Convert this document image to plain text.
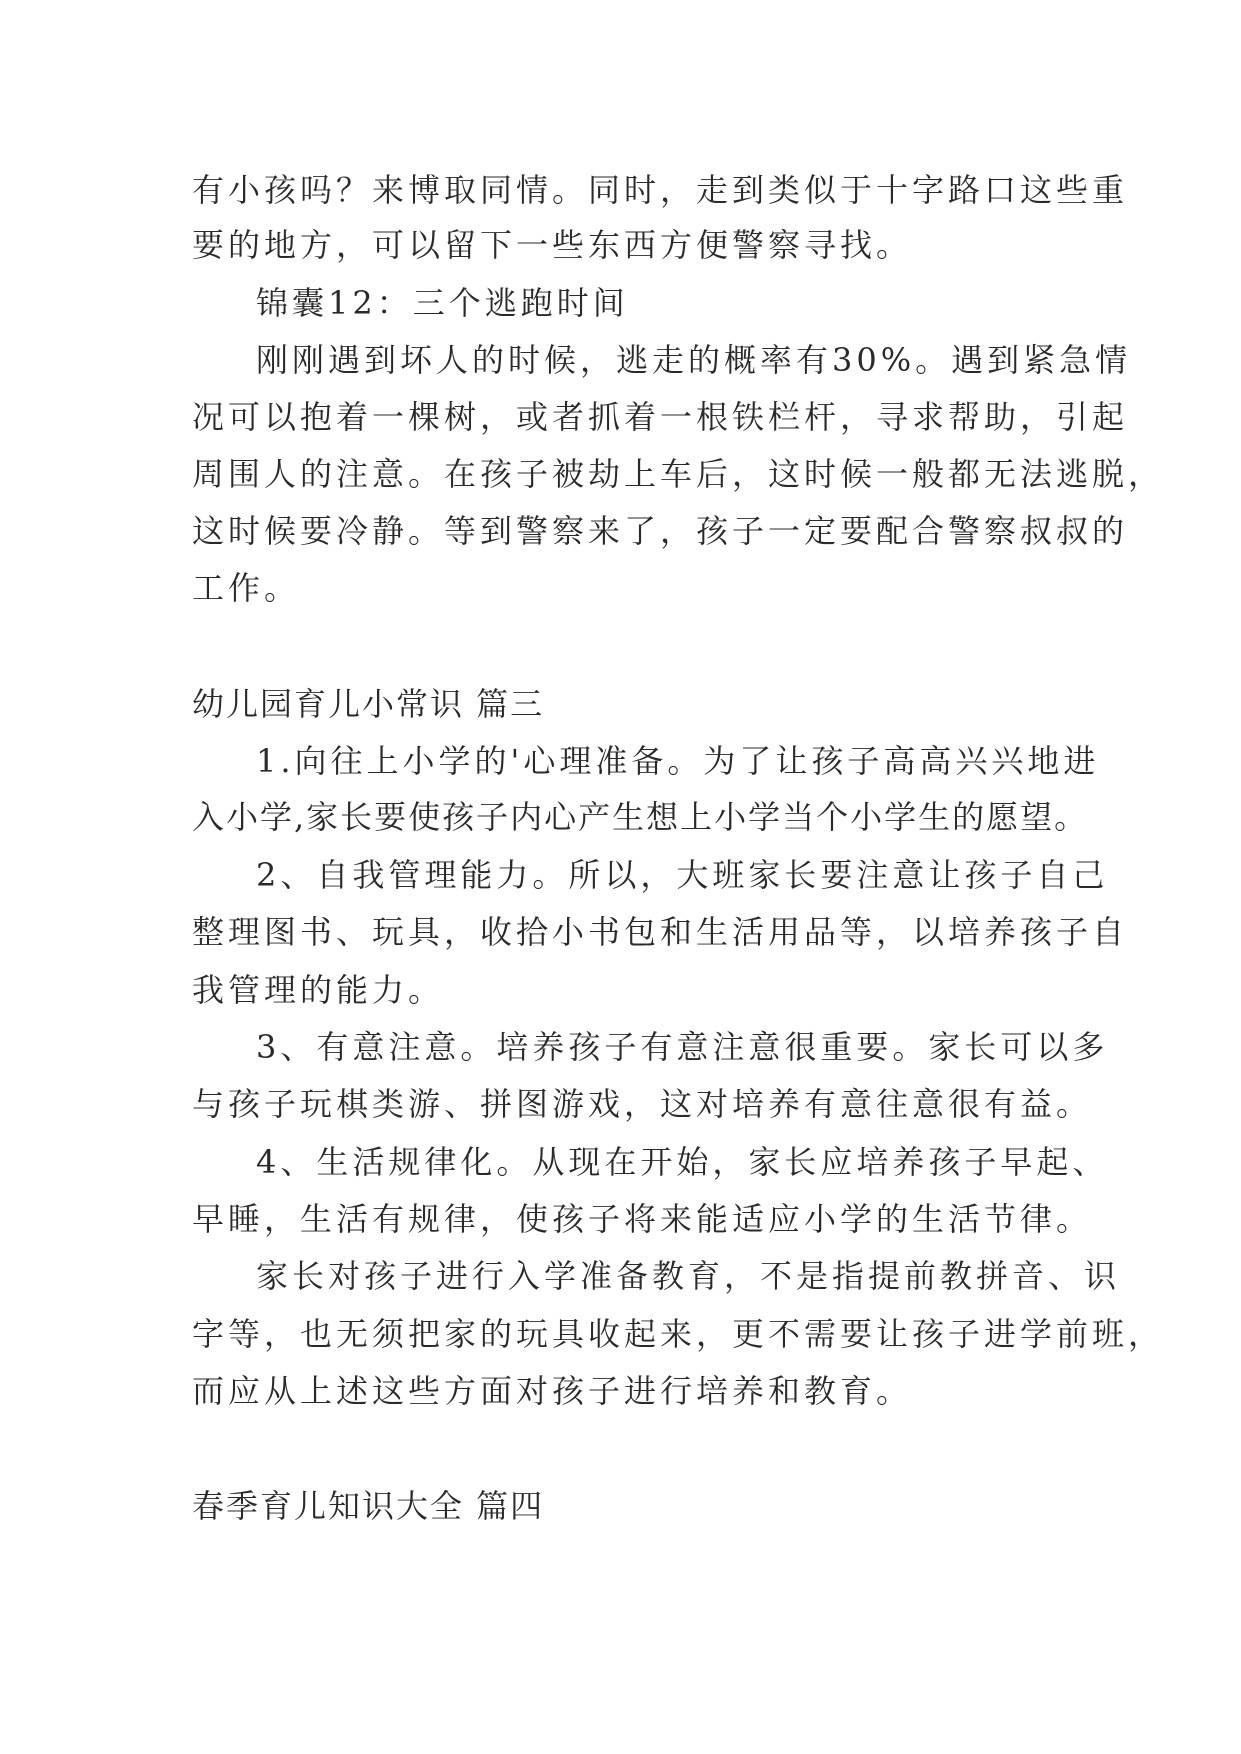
有小孩吗？来博取同情。同时，走到类似于十字路口这些重
要的地方，可以留下一些东西方便警察寻找。
锦囊12：三个逃跑时间
刚刚遇到坏人的时候，逃走的概率有30%。遇到紧急情
况可以抱着一棵树，或者抓着一根铁栏杆，寻求帮助，引起
周围人的注意。在孩子被劫上车后，这时候一般都无法逃脱，
这时候要冷静。等到警察来了，孩子一定要配合警察叔叔的
工作。
幼儿园育儿小常识 篇三
1.向往上小学的'心理准备。为了让孩子高高兴兴地进
入小学,家长要使孩子内心产生想上小学当个小学生的愿望。
2、自我管理能力。所以，大班家长要注意让孩子自己
整理图书、玩具，收拾小书包和生活用品等，以培养孩子自
我管理的能力。
3、有意注意。培养孩子有意注意很重要。家长可以多
与孩子玩棋类游、拼图游戏，这对培养有意往意很有益。
4、生活规律化。从现在开始，家长应培养孩子早起、
早睡，生活有规律，使孩子将来能适应小学的生活节律。
家长对孩子进行入学准备教育，不是指提前教拼音、识
字等，也无须把家的玩具收起来，更不需要让孩子进学前班，
而应从上述这些方面对孩子进行培养和教育。
春季育儿知识大全 篇四
